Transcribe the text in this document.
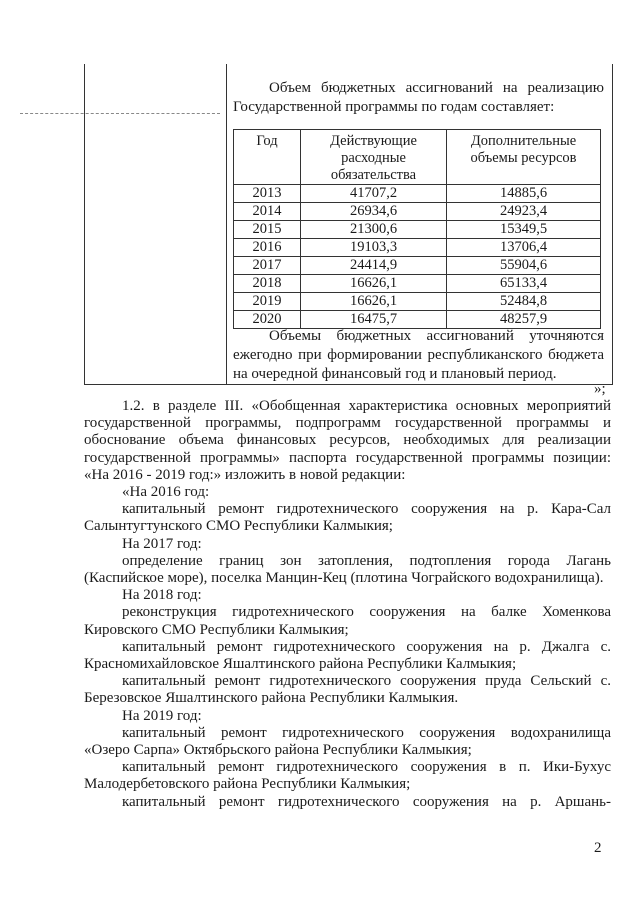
Объем бюджетных ассигнований на реализацию
Государственной программы по годам составляет:
Год	Действующие расходные обязательства	Дополнительные объемы ресурсов
2013	41707,2	14885,6
2014	26934,6	24923,4
2015	21300,6	15349,5
2016	19103,3	13706,4
2017	24414,9	55904,6
2018	16626,1	65133,4
2019	16626,1	52484,8
2020	16475,7	48257,9
Объемы бюджетных ассигнований уточняются
ежегодно при формировании республиканского бюджета на очередной финансовый год и плановый период.
»;

1.2. в разделе III. «Обобщенная характеристика основных мероприятий государственной программы, подпрограмм государственной программы и обоснование объема финансовых ресурсов, необходимых для реализации государственной программы» паспорта государственной программы позиции: «На 2016 - 2019 год:» изложить в новой редакции:

«На 2016 год:

капитальный ремонт гидротехнического сооружения на р. Кара-Сал Салынтугтунского СМО Республики Калмыкия;

На 2017 год:

определение границ зон затопления, подтопления города Лагань (Каспийское море), поселка Манцин-Кец (плотина Чограйского водохранилища).

На 2018 год:

реконструкция гидротехнического сооружения на балке Хоменкова Кировского СМО Республики Калмыкия;

капитальный ремонт гидротехнического сооружения на р. Джалга с. Красномихайловское Яшалтинского района Республики Калмыкия;

капитальный ремонт гидротехнического сооружения пруда Сельский с. Березовское Яшалтинского района Республики Калмыкия.

На 2019 год:

капитальный ремонт гидротехнического сооружения водохранилища «Озеро Сарпа» Октябрьского района Республики Калмыкия;

капитальный ремонт гидротехнического сооружения в п. Ики-Бухус Малодербетовского района Республики Калмыкия;

капитальный ремонт гидротехнического сооружения на р. Аршань-

2
